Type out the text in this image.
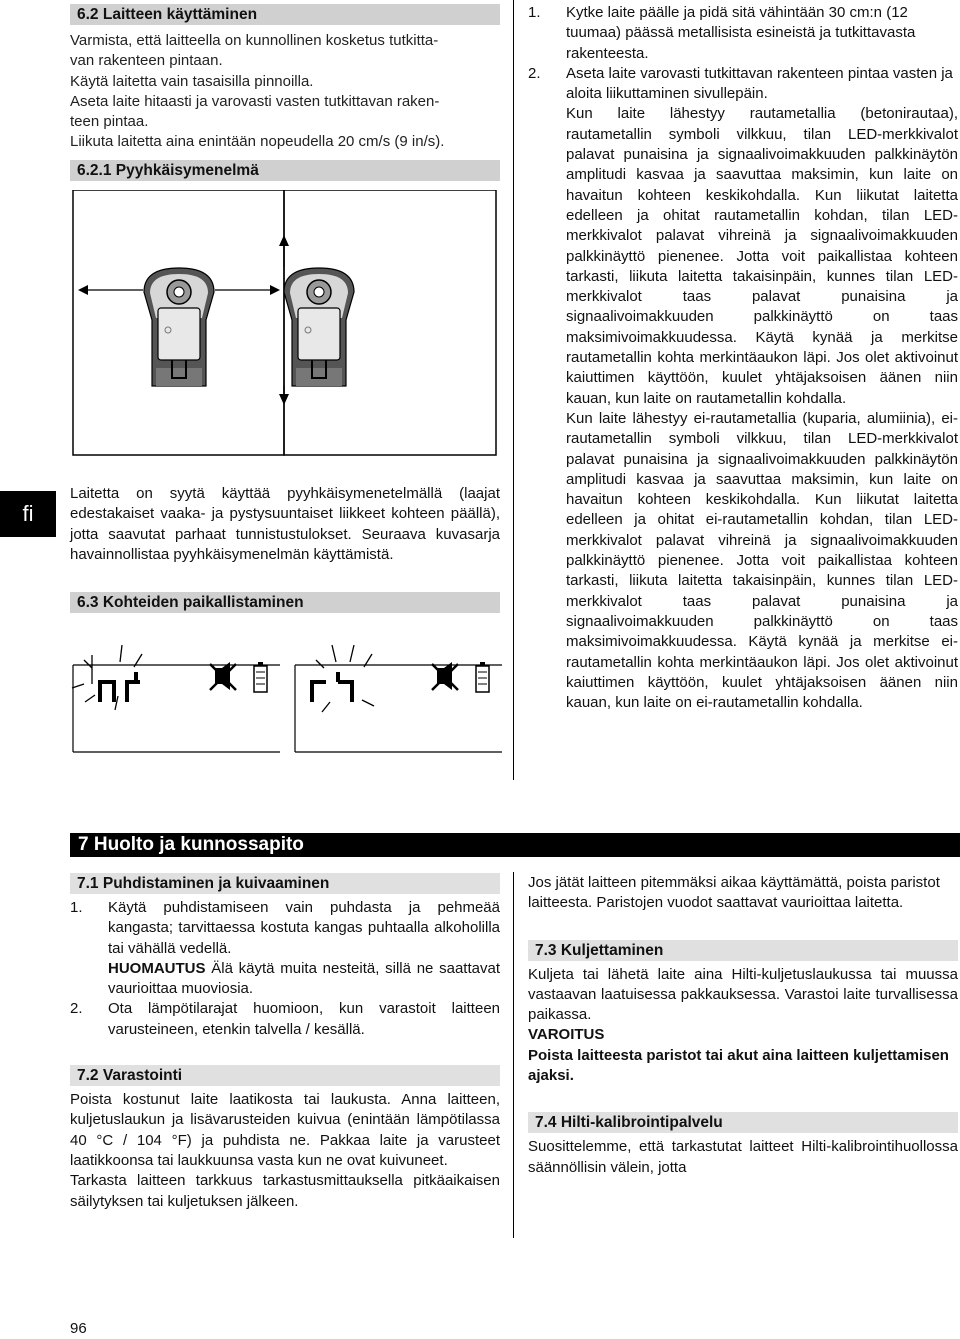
fi
6.2 Laitteen käyttäminen

Varmista, että laitteella on kunnollinen kosketus tutkitta-

van rakenteen pintaan.

Käytä laitetta vain tasaisilla pinnoilla.

Aseta laite hitaasti ja varovasti vasten tutkittavan raken-

teen pintaa.

Liikuta laitetta aina enintään nopeudella 20 cm/s (9 in/s).

6.2.1 Pyyhkäisymenelmä

Laitetta on syytä käyttää pyyhkäisymenetelmällä (laajat edestakaiset vaaka- ja pystysuuntaiset liikkeet kohteen päällä), jotta saavutat parhaat tunnistustulokset. Seuraava kuvasarja havainnollistaa pyyhkäisymenelmän käyttämistä.

6.3 Kohteiden paikallistaminen
1. Kytke laite päälle ja pidä sitä vähintään 30 cm:n (12 tuumaa) päässä metallisista esineistä ja tutkittavasta rakenteesta.
2. Aseta laite varovasti tutkittavan rakenteen pintaa vasten ja aloita liikuttaminen sivullepäin.

Kun laite lähestyy rautametallia (betonirautaa), rautametallin symboli vilkkuu, tilan LED-merkkivalot palavat punaisina ja signaalivoimakkuuden palkkinäytön amplitudi kasvaa ja saavuttaa maksimin, kun laite on havaitun kohteen keskikohdalla. Kun liikutat laitetta edelleen ja ohitat rautametallin kohdan, tilan LED-merkkivalot palavat vihreinä ja signaalivoimakkuuden palkkinäyttö pienenee. Jotta voit paikallistaa kohteen tarkasti, liikuta laitetta takaisinpäin, kunnes tilan LED-merkkivalot taas palavat punaisina ja signaalivoimakkuuden palkkinäyttö on taas maksimivoimakkuudessa. Käytä kynää ja merkitse rautametallin kohta merkintäaukon läpi. Jos olet aktivoinut kaiuttimen käyttöön, kuulet yhtäjaksoisen äänen niin kauan, kun laite on rautametallin kohdalla.

Kun laite lähestyy ei-rautametallia (kuparia, alumiinia), ei-rautametallin symboli vilkkuu, tilan LED-merkkivalot palavat punaisina ja signaalivoimakkuuden palkkinäytön amplitudi kasvaa ja saavuttaa maksimin, kun laite on havaitun kohteen keskikohdalla. Kun liikutat laitetta edelleen ja ohitat ei-rautametallin kohdan, tilan LED-merkkivalot palavat vihreinä ja signaalivoimakkuuden palkkinäyttö pienenee. Jotta voit paikallistaa kohteen tarkasti, liikuta laitetta takaisinpäin, kunnes tilan LED-merkkivalot taas palavat punaisina ja signaalivoimakkuuden palkkinäyttö on taas maksimivoimakkuudessa. Käytä kynää ja merkitse ei-rautametallin kohta merkintäaukon läpi. Jos olet aktivoinut kaiuttimen käyttöön, kuulet yhtäjaksoisen äänen niin kauan, kun laite on ei-rautametallin kohdalla.

7 Huolto ja kunnossapito
7.1 Puhdistaminen ja kuivaaminen
1. Käytä puhdistamiseen vain puhdasta ja pehmeää kangasta; tarvittaessa kostuta kangas puhtaalla alkoholilla tai vähällä vedellä.
HUOMAUTUS Älä käytä muita nesteitä, sillä ne saattavat vaurioittaa muoviosia.
2. Ota lämpötilarajat huomioon, kun varastoit laitteen varusteineen, etenkin talvella / kesällä.
7.2 Varastointi

Poista kostunut laite laatikosta tai laukusta. Anna laitteen, kuljetuslaukun ja lisävarusteiden kuivua (enintään lämpötilassa 40 °C / 104 °F) ja puhdista ne. Pakkaa laite ja varusteet laatikkoonsa tai laukkuunsa vasta kun ne ovat kuivuneet.

Tarkasta laitteen tarkkuus tarkastusmittauksella pitkäaikaisen säilytyksen tai kuljetuksen jälkeen.

Jos jätät laitteen pitemmäksi aikaa käyttämättä, poista paristot laitteesta. Paristojen vuodot saattavat vaurioittaa laitetta.

7.3 Kuljettaminen

Kuljeta tai lähetä laite aina Hilti-kuljetuslaukussa tai muussa vastaavan laatuisessa pakkauksessa. Varastoi laite turvallisessa paikassa.

VAROITUS

Poista laitteesta paristot tai akut aina laitteen kuljettamisen ajaksi.

7.4 Hilti-kalibrointipalvelu

Suosittelemme, että tarkastutat laitteet Hilti-kalibrointihuollossa säännöllisin välein, jotta

96
